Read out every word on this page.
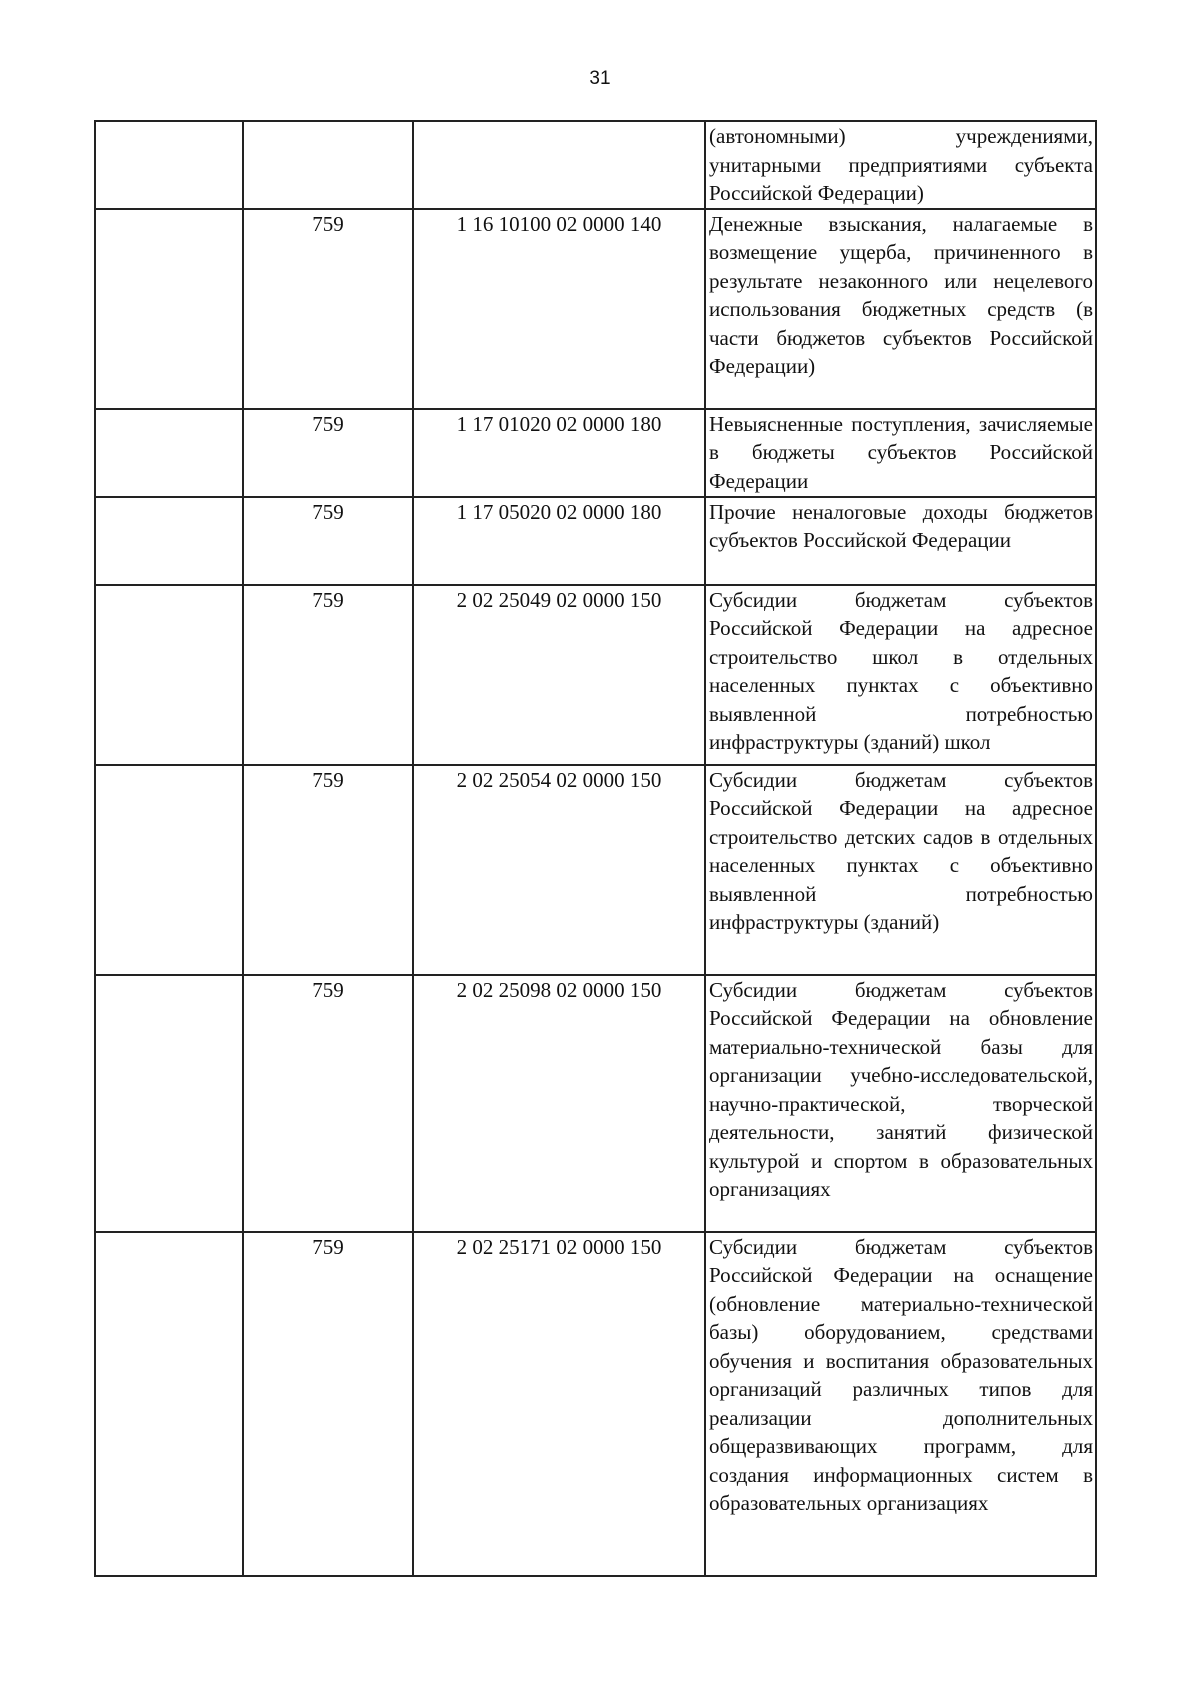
31
			(автономными) учреждениями, унитарными предприятиями субъекта Российской Федерации)
	759	1 16 10100 02 0000 140	Денежные взыскания, налагаемые в возмещение ущерба, причиненного в результате незаконного или нецелевого использования бюджетных средств (в части бюджетов субъектов Российской Федерации)
	759	1 17 01020 02 0000 180	Невыясненные поступления, зачисляемые в бюджеты субъектов Российской Федерации
	759	1 17 05020 02 0000 180	Прочие неналоговые доходы бюджетов субъектов Российской Федерации
	759	2 02 25049 02 0000 150	Субсидии бюджетам субъектов Российской Федерации на адресное строительство школ в отдельных населенных пунктах с объективно выявленной потребностью инфраструктуры (зданий) школ
	759	2 02 25054 02 0000 150	Субсидии бюджетам субъектов Российской Федерации на адресное строительство детских садов в отдельных населенных пунктах с объективно выявленной потребностью инфраструктуры (зданий)
	759	2 02 25098 02 0000 150	Субсидии бюджетам субъектов Российской Федерации на обновление материально-технической базы для организации учебно-исследовательской, научно-практической, творческой деятельности, занятий физической культурой и спортом в образовательных организациях
	759	2 02 25171 02 0000 150	Субсидии бюджетам субъектов Российской Федерации на оснащение (обновление материально-технической базы) оборудованием, средствами обучения и воспитания образовательных организаций различных типов для реализации дополнительных общеразвивающих программ, для создания информационных систем в образовательных организациях
